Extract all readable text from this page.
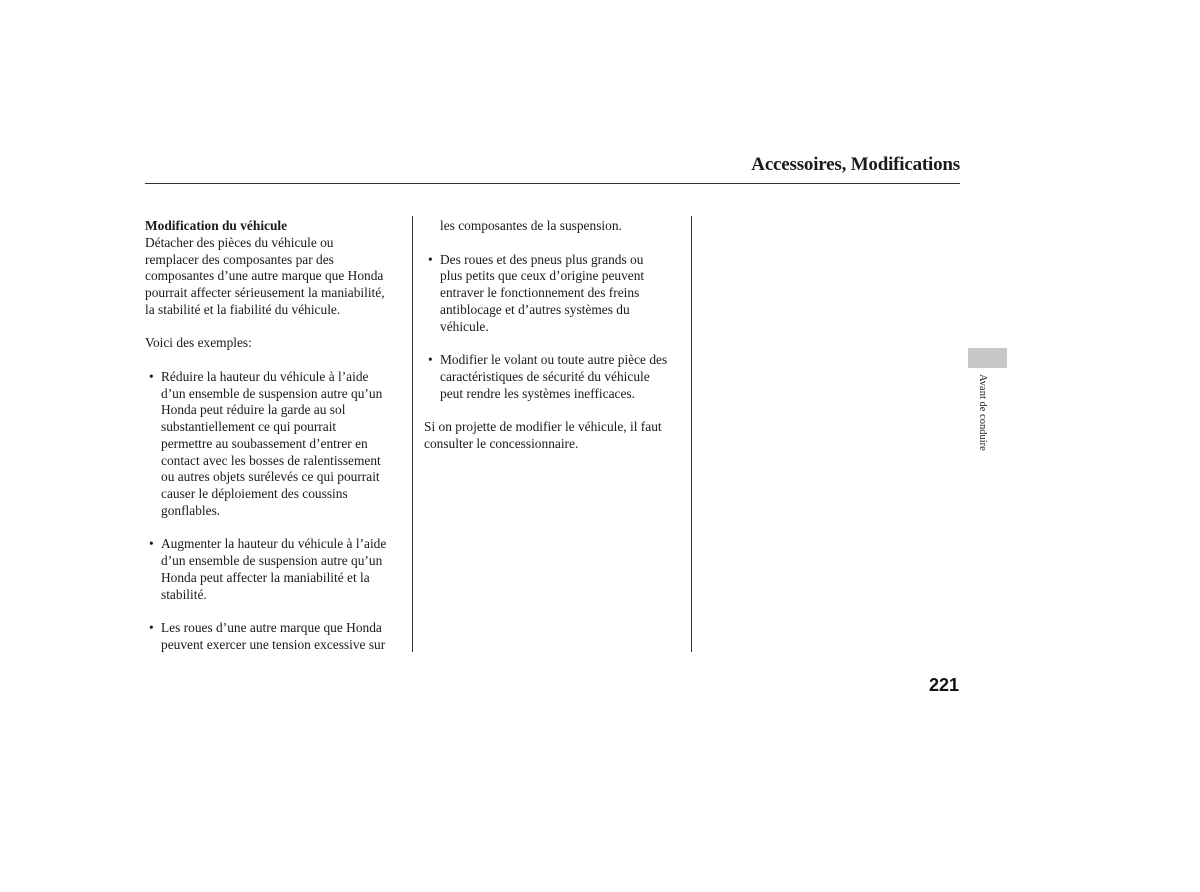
Accessoires, Modifications

Modification du véhicule

Détacher des pièces du véhicule ou
remplacer des composantes par des
composantes d’une autre marque que Honda
pourrait affecter sérieusement la maniabilité,
la stabilité et la fiabilité du véhicule.

Voici des exemples:

• Réduire la hauteur du véhicule à l’aide
d’un ensemble de suspension autre qu’un
Honda peut réduire la garde au sol
substantiellement ce qui pourrait
permettre au soubassement d’entrer en
contact avec les bosses de ralentissement
ou autres objets surélevés ce qui pourrait
causer le déploiement des coussins
gonflables.
• Augmenter la hauteur du véhicule à l’aide
d’un ensemble de suspension autre qu’un
Honda peut affecter la maniabilité et la
stabilité.
• Les roues d’une autre marque que Honda
peuvent exercer une tension excessive sur

les composantes de la suspension.

• Des roues et des pneus plus grands ou
plus petits que ceux d’origine peuvent
entraver le fonctionnement des freins
antiblocage et d’autres systèmes du
véhicule.
• Modifier le volant ou toute autre pièce des
caractéristiques de sécurité du véhicule
peut rendre les systèmes inefficaces.
Si on projette de modifier le véhicule, il faut
consulter le concessionnaire.	Avant de conduire
221
